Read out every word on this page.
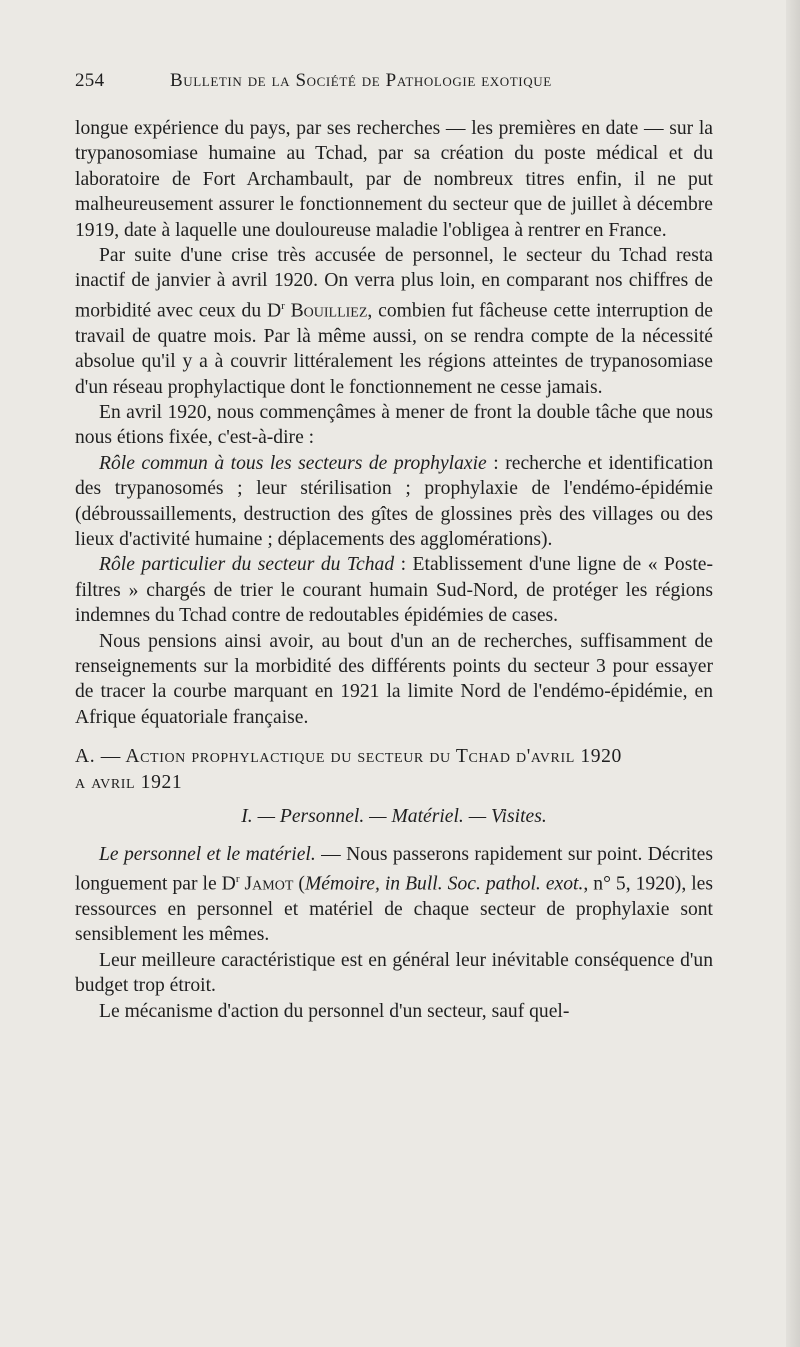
254	Bulletin de la Société de Pathologie exotique

longue expérience du pays, par ses recherches — les premières en date — sur la trypanosomiase humaine au Tchad, par sa création du poste médical et du laboratoire de Fort Archambault, par de nombreux titres enfin, il ne put malheureusement assurer le fonctionnement du secteur que de juillet à décembre 1919, date à laquelle une douloureuse maladie l'obligea à rentrer en France.

Par suite d'une crise très accusée de personnel, le secteur du Tchad resta inactif de janvier à avril 1920. On verra plus loin, en comparant nos chiffres de morbidité avec ceux du $D^r$ Bouilliez, combien fut fâcheuse cette interruption de travail de quatre mois. Par là même aussi, on se rendra compte de la nécessité absolue qu'il y a à couvrir littéralement les régions atteintes de trypanosomiase d'un réseau prophylactique dont le fonctionnement ne cesse jamais.

En avril 1920, nous commençâmes à mener de front la double tâche que nous nous étions fixée, c'est-à-dire :

Rôle commun à tous les secteurs de prophylaxie : recherche et identification des trypanosomés ; leur stérilisation ; prophylaxie de l'endémo-épidémie (débroussaillements, destruction des gîtes de glossines près des villages ou des lieux d'activité humaine ; déplacements des agglomérations).

Rôle particulier du secteur du Tchad : Etablissement d'une ligne de « Poste-filtres » chargés de trier le courant humain Sud-Nord, de protéger les régions indemnes du Tchad contre de redoutables épidémies de cases.

Nous pensions ainsi avoir, au bout d'un an de recherches, suffisamment de renseignements sur la morbidité des différents points du secteur 3 pour essayer de tracer la courbe marquant en 1921 la limite Nord de l'endémo-épidémie, en Afrique équatoriale française.

A. — Action prophylactique du secteur du Tchad d'avril 1920
a avril 1921

I. — Personnel. — Matériel. — Visites.

Le personnel et le matériel. — Nous passerons rapidement sur point. Décrites longuement par le $D^r$ Jamot (Mémoire, in Bull. Soc. pathol. exot., n° 5, 1920), les ressources en personnel et matériel de chaque secteur de prophylaxie sont sensiblement les mêmes.

Leur meilleure caractéristique est en général leur inévitable conséquence d'un budget trop étroit.

Le mécanisme d'action du personnel d'un secteur, sauf quel-
